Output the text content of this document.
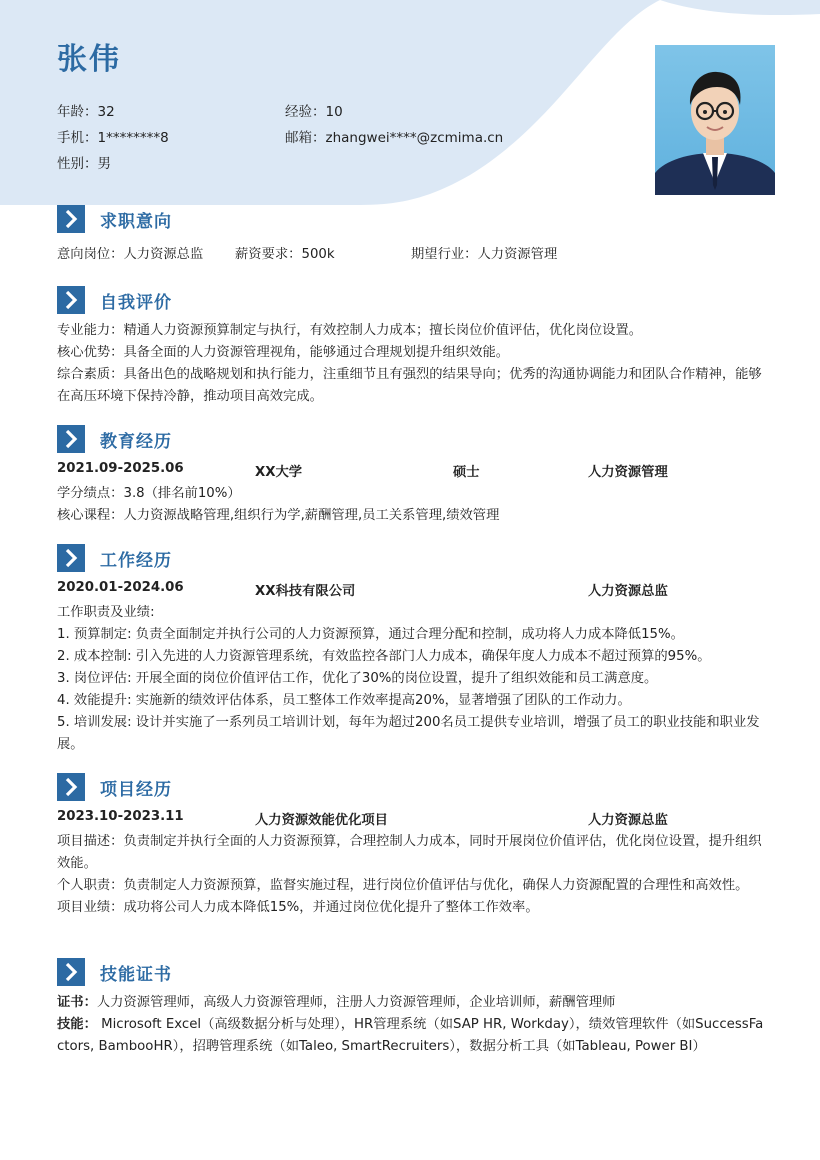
张伟
年龄：32	经验：10
手机：1********8	邮箱：zhangwei****@zcmima.cn
性别：男
求职意向
意向岗位：人力资源总监 薪资要求：500k	期望行业：人力资源管理
自我评价
专业能力：精通人力资源预算制定与执行，有效控制人力成本；擅长岗位价值评估，优化岗位设置。
核心优势：具备全面的人力资源管理视角，能够通过合理规划提升组织效能。
综合素质：具备出色的战略规划和执行能力，注重细节且有强烈的结果导向；优秀的沟通协调能力和团队合作精神，能够在高压环境下保持冷静，推动项目高效完成。
教育经历
2021.09-2025.06	XX大学	硕士	人力资源管理
学分绩点：3.8（排名前10%）
核心课程：人力资源战略管理,组织行为学,薪酬管理,员工关系管理,绩效管理
工作经历
2020.01-2024.06	XX科技有限公司	人力资源总监
工作职责及业绩:
1. 预算制定: 负责全面制定并执行公司的人力资源预算，通过合理分配和控制，成功将人力成本降低15%。
2. 成本控制: 引入先进的人力资源管理系统，有效监控各部门人力成本，确保年度人力成本不超过预算的95%。
3. 岗位评估: 开展全面的岗位价值评估工作，优化了30%的岗位设置，提升了组织效能和员工满意度。
4. 效能提升: 实施新的绩效评估体系，员工整体工作效率提高20%，显著增强了团队的工作动力。
5. 培训发展: 设计并实施了一系列员工培训计划，每年为超过200名员工提供专业培训，增强了员工的职业技能和职业发展。
项目经历
2023.10-2023.11	人力资源效能优化项目	人力资源总监
项目描述：负责制定并执行全面的人力资源预算，合理控制人力成本，同时开展岗位价值评估，优化岗位设置，提升组织效能。
个人职责：负责制定人力资源预算，监督实施过程，进行岗位价值评估与优化，确保人力资源配置的合理性和高效性。
项目业绩：成功将公司人力成本降低15%，并通过岗位优化提升了整体工作效率。
技能证书
证书：人力资源管理师，高级人力资源管理师，注册人力资源管理师，企业培训师，薪酬管理师
技能： Microsoft Excel（高级数据分析与处理），HR管理系统（如SAP HR, Workday），绩效管理软件（如SuccessFactors, BambooHR），招聘管理系统（如Taleo, SmartRecruiters），数据分析工具（如Tableau, Power BI）
